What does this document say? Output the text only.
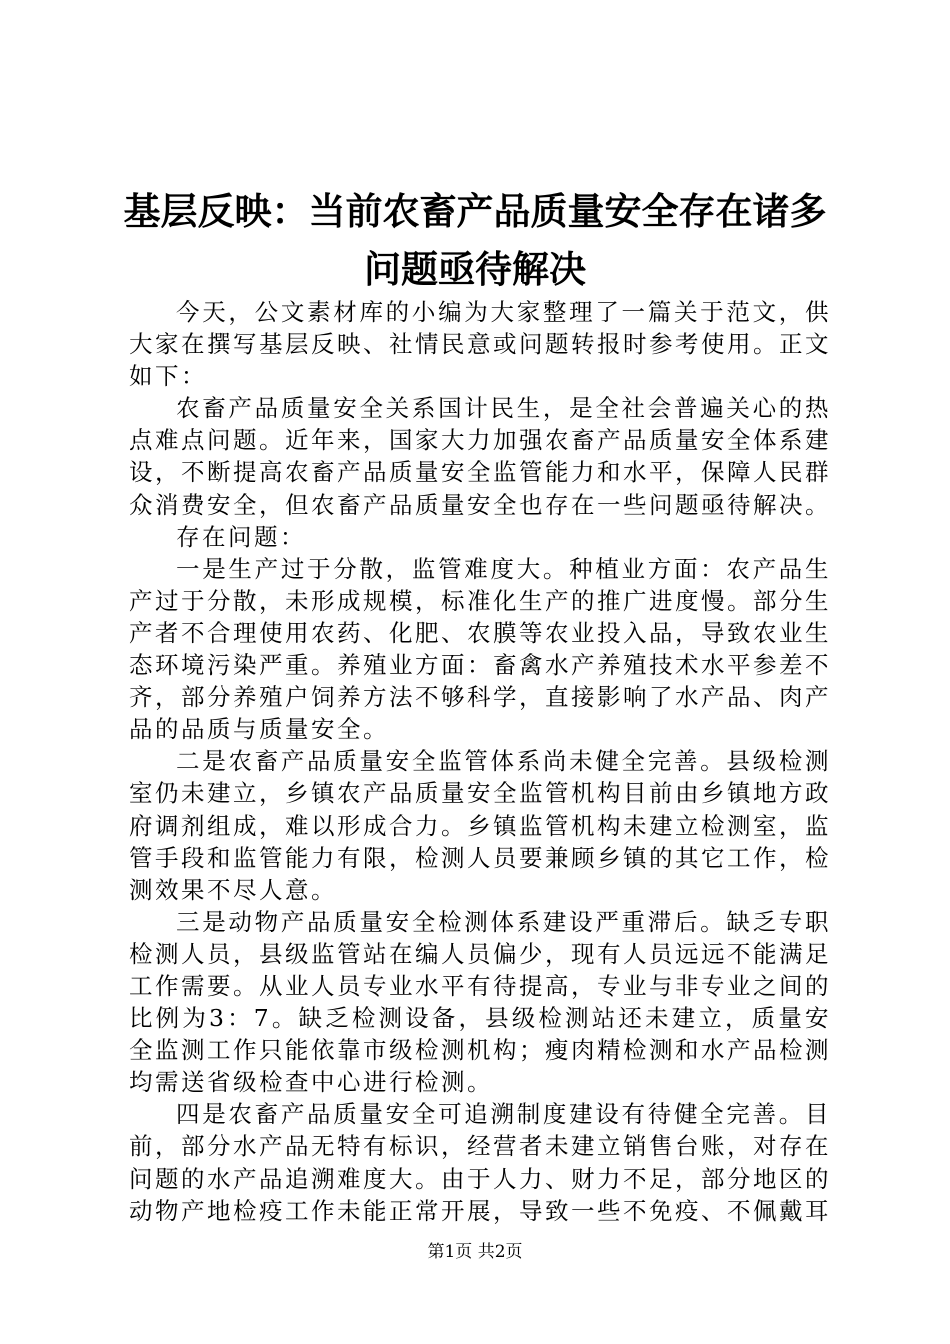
基层反映：当前农畜产品质量安全存在诸多问题亟待解决

今天，公文素材库的小编为大家整理了一篇关于范文，供大家在撰写基层反映、社情民意或问题转报时参考使用。正文如下：

农畜产品质量安全关系国计民生，是全社会普遍关心的热点难点问题。近年来，国家大力加强农畜产品质量安全体系建设，不断提高农畜产品质量安全监管能力和水平，保障人民群众消费安全，但农畜产品质量安全也存在一些问题亟待解决。

存在问题：

一是生产过于分散，监管难度大。种植业方面：农产品生产过于分散，未形成规模，标准化生产的推广进度慢。部分生产者不合理使用农药、化肥、农膜等农业投入品，导致农业生态环境污染严重。养殖业方面：畜禽水产养殖技术水平参差不齐，部分养殖户饲养方法不够科学，直接影响了水产品、肉产品的品质与质量安全。

二是农畜产品质量安全监管体系尚未健全完善。县级检测室仍未建立，乡镇农产品质量安全监管机构目前由乡镇地方政府调剂组成，难以形成合力。乡镇监管机构未建立检测室，监管手段和监管能力有限，检测人员要兼顾乡镇的其它工作，检测效果不尽人意。

三是动物产品质量安全检测体系建设严重滞后。缺乏专职检测人员，县级监管站在编人员偏少，现有人员远远不能满足工作需要。从业人员专业水平有待提高，专业与非专业之间的比例为3：7。缺乏检测设备，县级检测站还未建立，质量安全监测工作只能依靠市级检测机构；瘦肉精检测和水产品检测均需送省级检查中心进行检测。

四是农畜产品质量安全可追溯制度建设有待健全完善。目前，部分水产品无特有标识，经营者未建立销售台账，对存在问题的水产品追溯难度大。由于人力、财力不足，部分地区的动物产地检疫工作未能正常开展，导致一些不免疫、不佩戴耳

第1页 共2页
